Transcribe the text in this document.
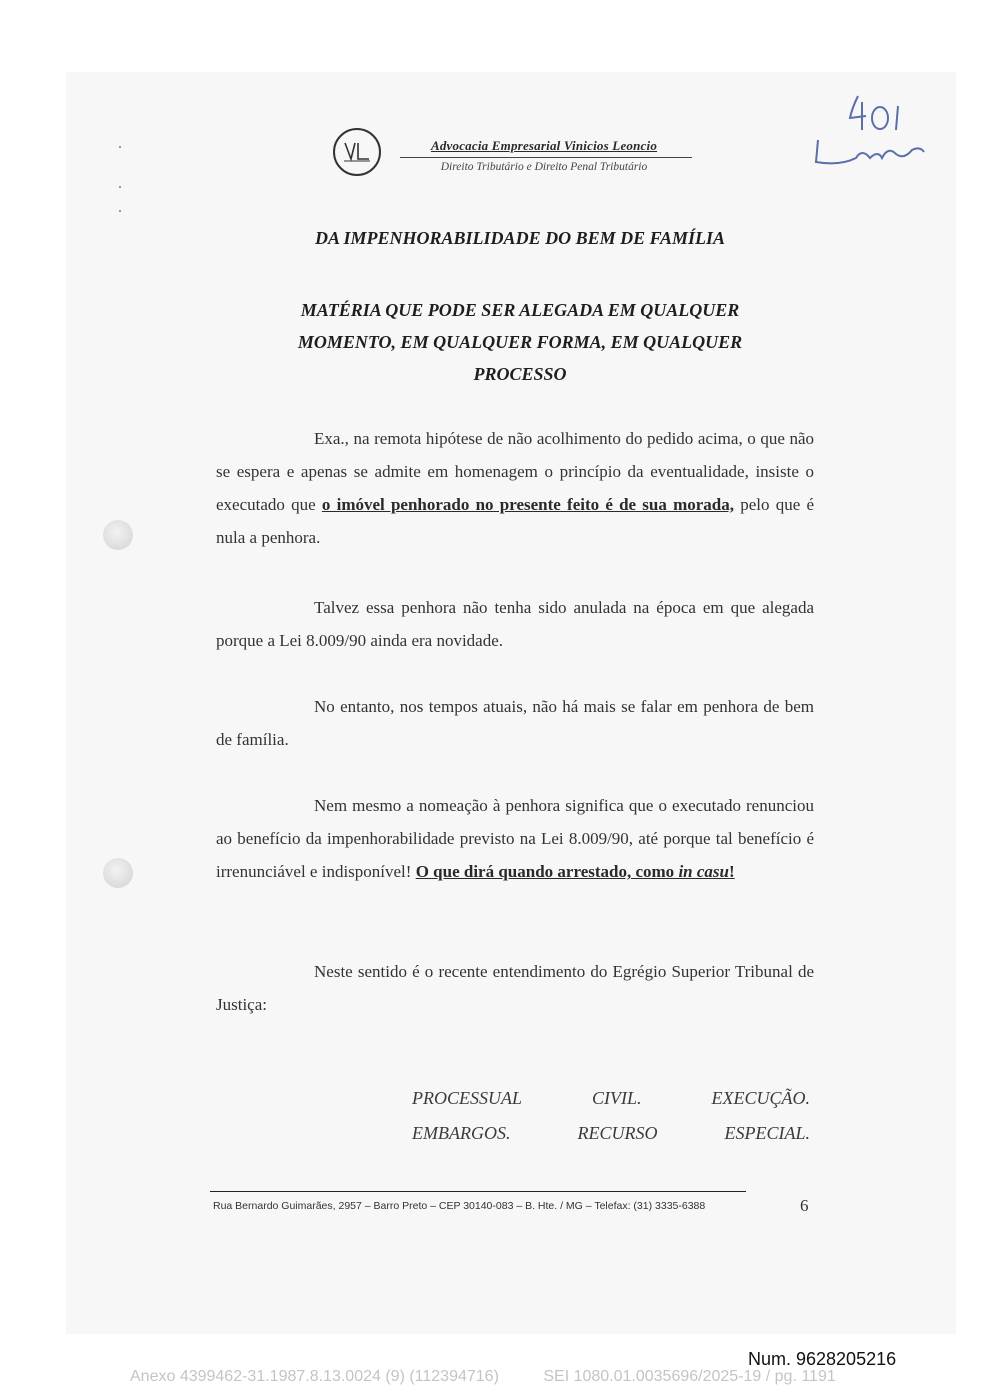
Advocacia Empresarial Vinicios Leoncio
Direito Tributário e Direito Penal Tributário
DA IMPENHORABILIDADE DO BEM DE FAMÍLIA
MATÉRIA QUE PODE SER ALEGADA EM QUALQUER
MOMENTO, EM QUALQUER FORMA, EM QUALQUER
PROCESSO
Exa., na remota hipótese de não acolhimento do pedido acima, o que não se espera e apenas se admite em homenagem o princípio da eventualidade, insiste o executado que o imóvel penhorado no presente feito é de sua morada, pelo que é nula a penhora.
Talvez essa penhora não tenha sido anulada na época em que alegada porque a Lei 8.009/90 ainda era novidade.
No entanto, nos tempos atuais, não há mais se falar em penhora de bem de família.
Nem mesmo a nomeação à penhora significa que o executado renunciou ao benefício da impenhorabilidade previsto na Lei 8.009/90, até porque tal benefício é irrenunciável e indisponível! O que dirá quando arrestado, como in casu!
Neste sentido é o recente entendimento do Egrégio Superior Tribunal de Justiça:
PROCESSUAL	CIVIL.	EXECUÇÃO.
EMBARGOS.	RECURSO	ESPECIAL.
Rua Bernardo Guimarães, 2957 – Barro Preto – CEP 30140-083 – B. Hte. / MG – Telefax: (31) 3335-6388	6
Num. 9628205216
Anexo 4399462-31.1987.8.13.0024 (9) (112394716)	SEI 1080.01.0035696/2025-19 / pg. 1191
